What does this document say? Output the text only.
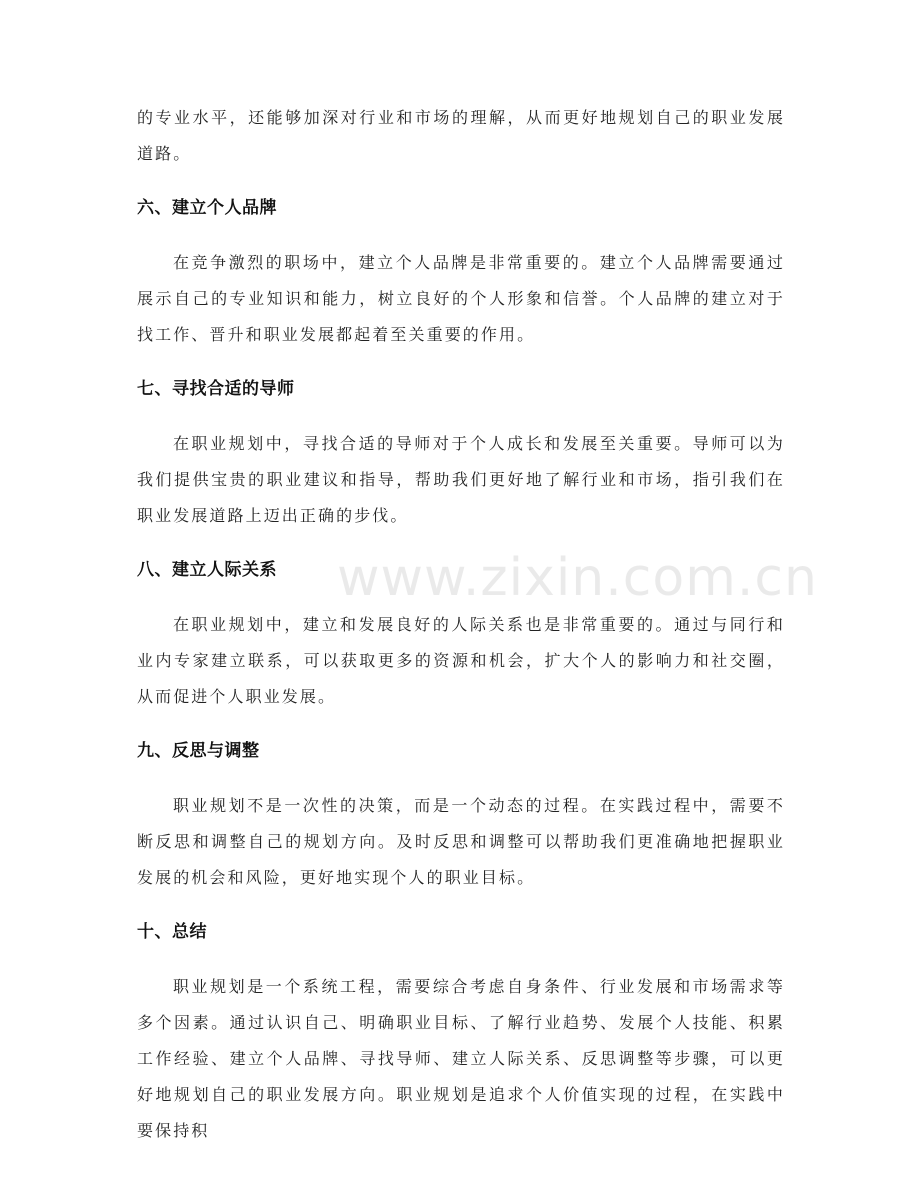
的专业水平，还能够加深对行业和市场的理解，从而更好地规划自己的职业发展道路。

六、建立个人品牌

在竞争激烈的职场中，建立个人品牌是非常重要的。建立个人品牌需要通过展示自己的专业知识和能力，树立良好的个人形象和信誉。个人品牌的建立对于找工作、晋升和职业发展都起着至关重要的作用。

七、寻找合适的导师

在职业规划中，寻找合适的导师对于个人成长和发展至关重要。导师可以为我们提供宝贵的职业建议和指导，帮助我们更好地了解行业和市场，指引我们在职业发展道路上迈出正确的步伐。

八、建立人际关系

在职业规划中，建立和发展良好的人际关系也是非常重要的。通过与同行和业内专家建立联系，可以获取更多的资源和机会，扩大个人的影响力和社交圈，从而促进个人职业发展。

九、反思与调整

职业规划不是一次性的决策，而是一个动态的过程。在实践过程中，需要不断反思和调整自己的规划方向。及时反思和调整可以帮助我们更准确地把握职业发展的机会和风险，更好地实现个人的职业目标。

十、总结

职业规划是一个系统工程，需要综合考虑自身条件、行业发展和市场需求等多个因素。通过认识自己、明确职业目标、了解行业趋势、发展个人技能、积累工作经验、建立个人品牌、寻找导师、建立人际关系、反思调整等步骤，可以更好地规划自己的职业发展方向。职业规划是追求个人价值实现的过程，在实践中要保持积

www.zixin.com.cn
